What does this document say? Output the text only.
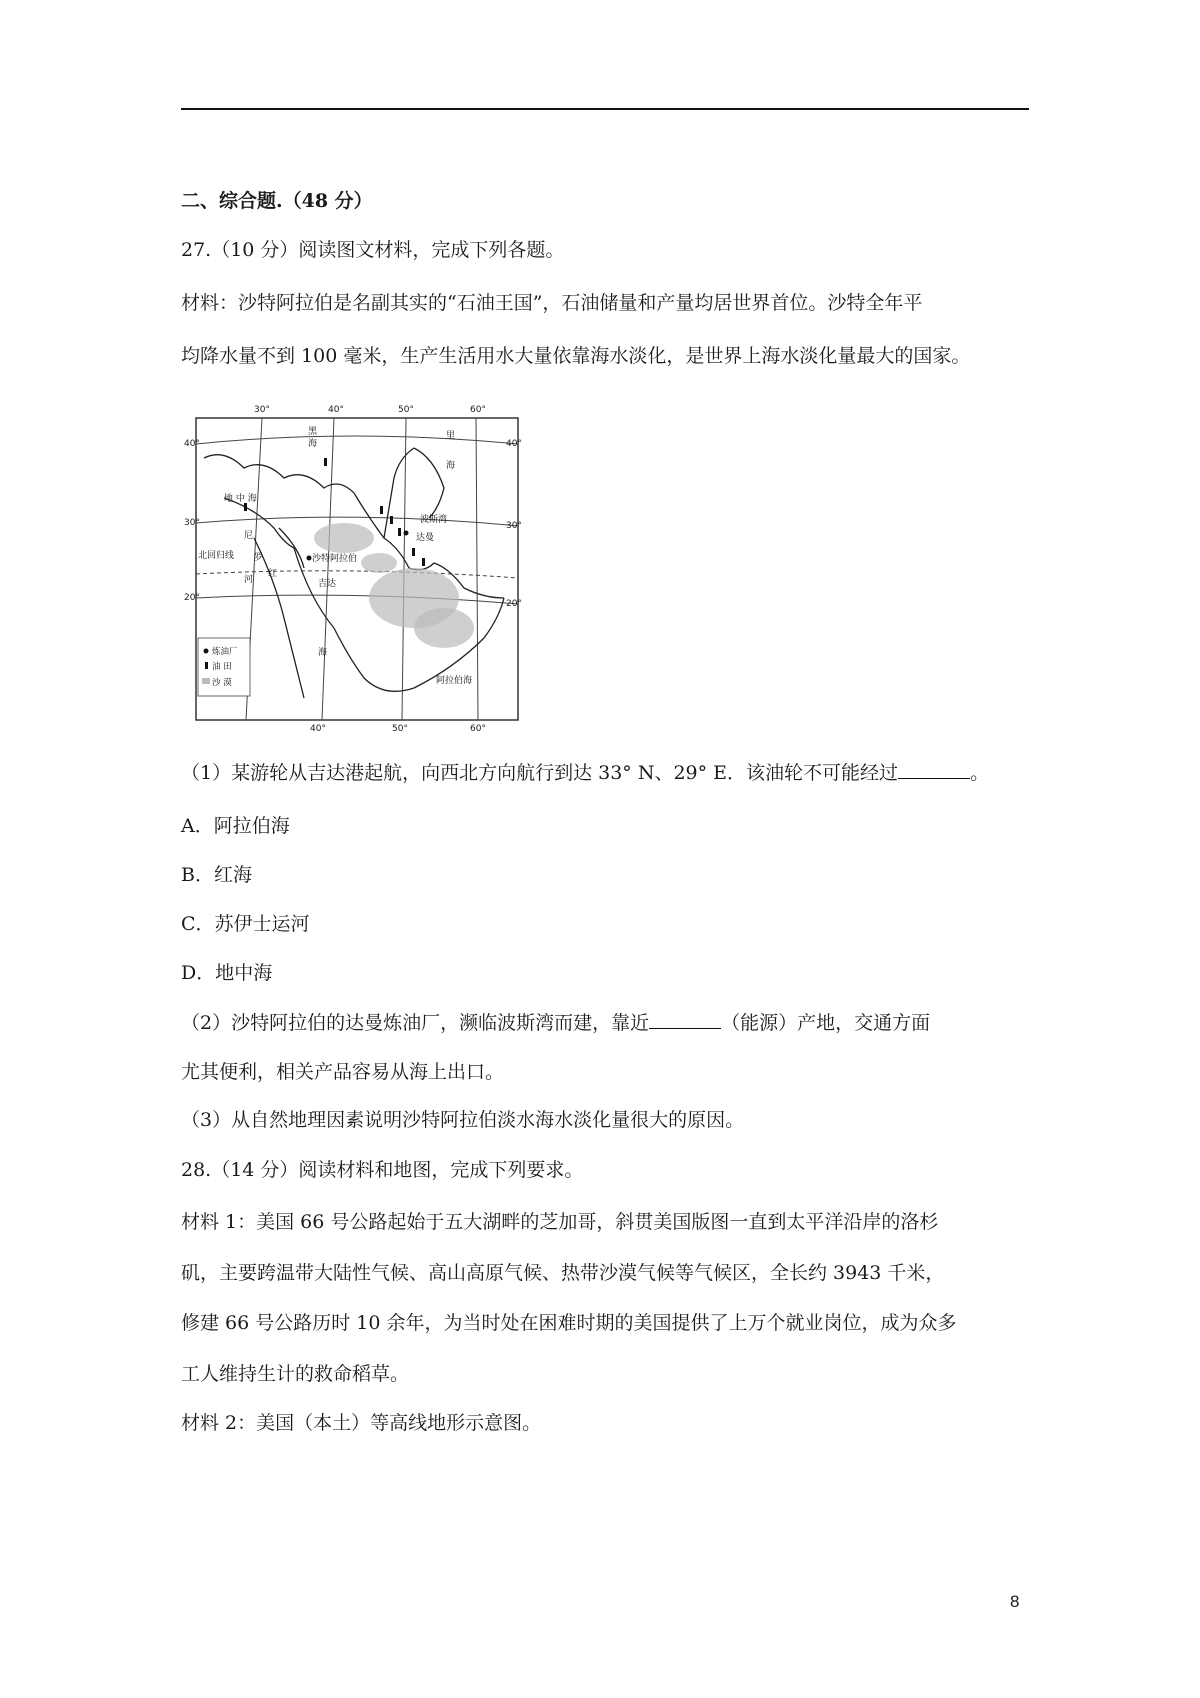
二、综合题.（48 分）
27.（10 分）阅读图文材料，完成下列各题。
材料：沙特阿拉伯是名副其实的“石油王国”，石油储量和产量均居世界首位。沙特全年平
均降水量不到 100 毫米，生产生活用水大量依靠海水淡化，是世界上海水淡化量最大的国家。
30°	40°	50°	60°
40°	50°	60°
40°
30°
20°
40°
30°
20°
黑
海
里
海
地 中 海
红
海
尼
罗
河
波斯湾
达曼
沙特阿拉伯
吉达
北回归线
阿拉伯海
炼油厂
油 田
沙 漠
（1）某游轮从吉达港起航，向西北方向航行到达 33° N、29° E．该油轮不可能经过	。
A．阿拉伯海
B．红海
C．苏伊士运河
D．地中海
（2）沙特阿拉伯的达曼炼油厂，濒临波斯湾而建，靠近	（能源）产地，交通方面
尤其便利，相关产品容易从海上出口。
（3）从自然地理因素说明沙特阿拉伯淡水海水淡化量很大的原因。
28.（14 分）阅读材料和地图，完成下列要求。
材料 1：美国 66 号公路起始于五大湖畔的芝加哥，斜贯美国版图一直到太平洋沿岸的洛杉
矶，主要跨温带大陆性气候、高山高原气候、热带沙漠气候等气候区，全长约 3943 千米，
修建 66 号公路历时 10 余年，为当时处在困难时期的美国提供了上万个就业岗位，成为众多
工人维持生计的救命稻草。
材料 2：美国（本土）等高线地形示意图。
8
